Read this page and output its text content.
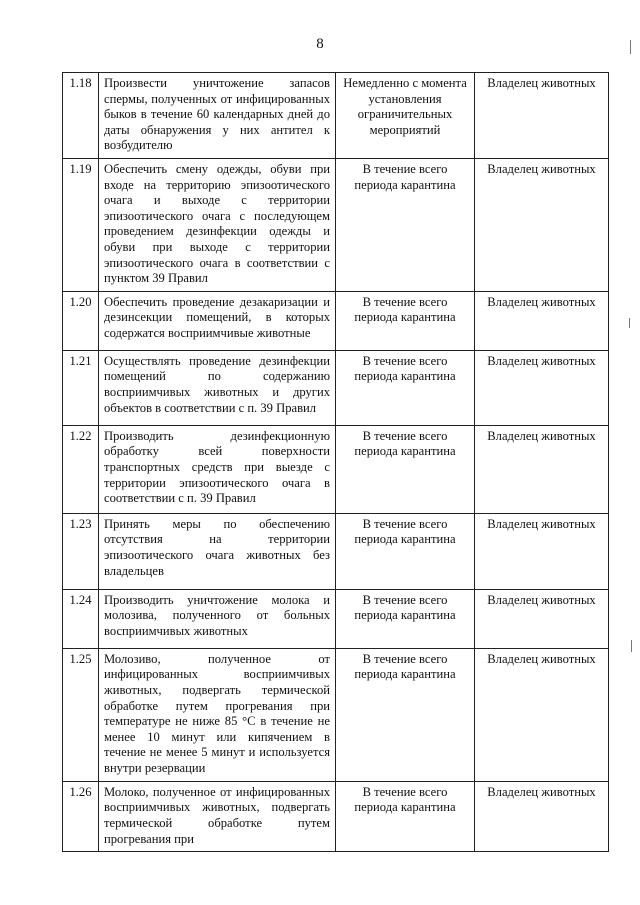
8
1.18	Произвести уничтожение запасов спермы, полученных от инфицированных быков в течение 60 календарных дней до даты обнаружения у них антител к возбудителю	Немедленно с момента установления ограничительных мероприятий	Владелец животных
1.19	Обеспечить смену одежды, обуви при входе на территорию эпизоотического очага и выходе с территории эпизоотического очага с последующем проведением дезинфекции одежды и обуви при выходе с территории эпизоотического очага в соответствии с пунктом 39 Правил	В течение всего периода карантина	Владелец животных
1.20	Обеспечить проведение дезакаризации и дезинсекции помещений, в которых содержатся восприимчивые животные	В течение всего периода карантина	Владелец животных
1.21	Осуществлять проведение дезинфекции помещений по содержанию восприимчивых животных и других объектов в соответствии с п. 39 Правил	В течение всего периода карантина	Владелец животных
1.22	Производить дезинфекционную обработку всей поверхности транспортных средств при выезде с территории эпизоотического очага в соответствии с п. 39 Правил	В течение всего периода карантина	Владелец животных
1.23	Принять меры по обеспечению отсутствия на территории эпизоотического очага животных без владельцев	В течение всего периода карантина	Владелец животных
1.24	Производить уничтожение молока и молозива, полученного от больных восприимчивых животных	В течение всего периода карантина	Владелец животных
1.25	Молозиво, полученное от инфицированных восприимчивых животных, подвергать термической обработке путем прогревания при температуре не ниже 85 °С в течение не менее 10 минут или кипячением в течение не менее 5 минут и используется внутри резервации	В течение всего периода карантина	Владелец животных
1.26	Молоко, полученное от инфицированных восприимчивых животных, подвергать термической обработке путем прогревания при	В течение всего периода карантина	Владелец животных
